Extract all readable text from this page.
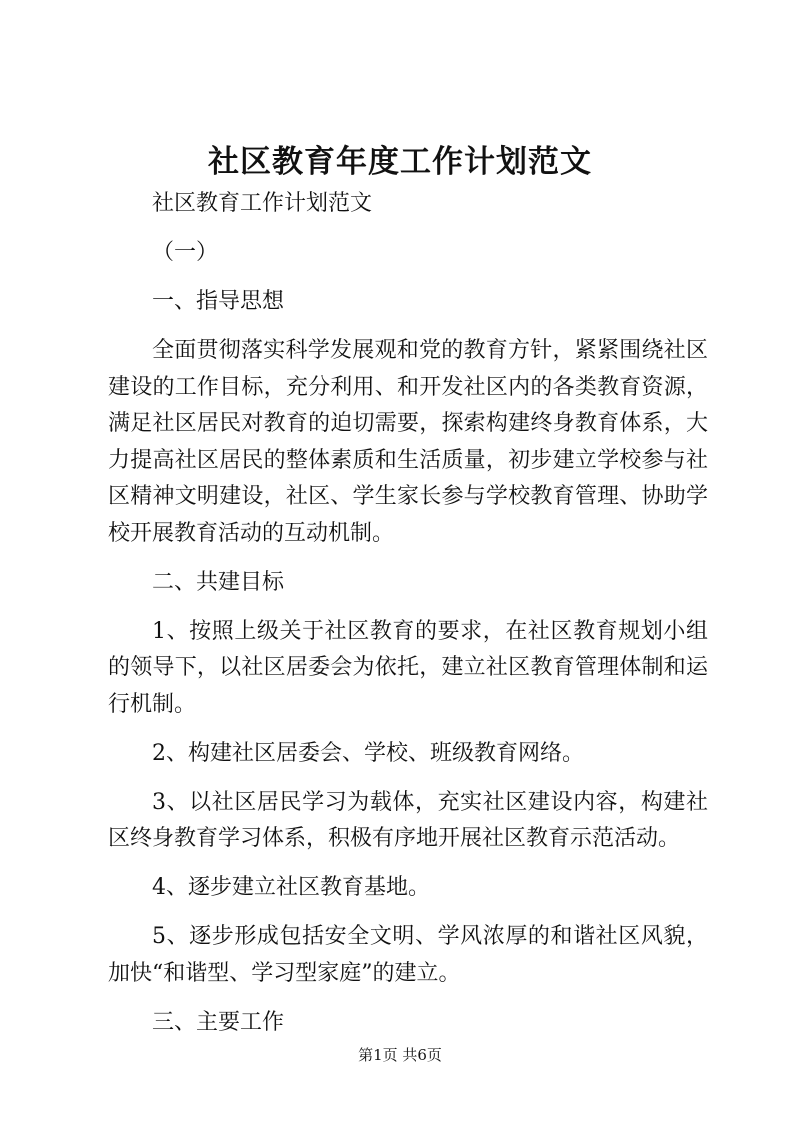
社区教育年度工作计划范文

社区教育工作计划范文

（一）

一、指导思想

全面贯彻落实科学发展观和党的教育方针，紧紧围绕社区建设的工作目标，充分利用、和开发社区内的各类教育资源，满足社区居民对教育的迫切需要，探索构建终身教育体系，大力提高社区居民的整体素质和生活质量，初步建立学校参与社区精神文明建设，社区、学生家长参与学校教育管理、协助学校开展教育活动的互动机制。

二、共建目标

1、按照上级关于社区教育的要求，在社区教育规划小组的领导下，以社区居委会为依托，建立社区教育管理体制和运行机制。

2、构建社区居委会、学校、班级教育网络。

3、以社区居民学习为载体，充实社区建设内容，构建社区终身教育学习体系，积极有序地开展社区教育示范活动。

4、逐步建立社区教育基地。

5、逐步形成包括安全文明、学风浓厚的和谐社区风貌，加快“和谐型、学习型家庭”的建立。

三、主要工作

第1页 共6页
